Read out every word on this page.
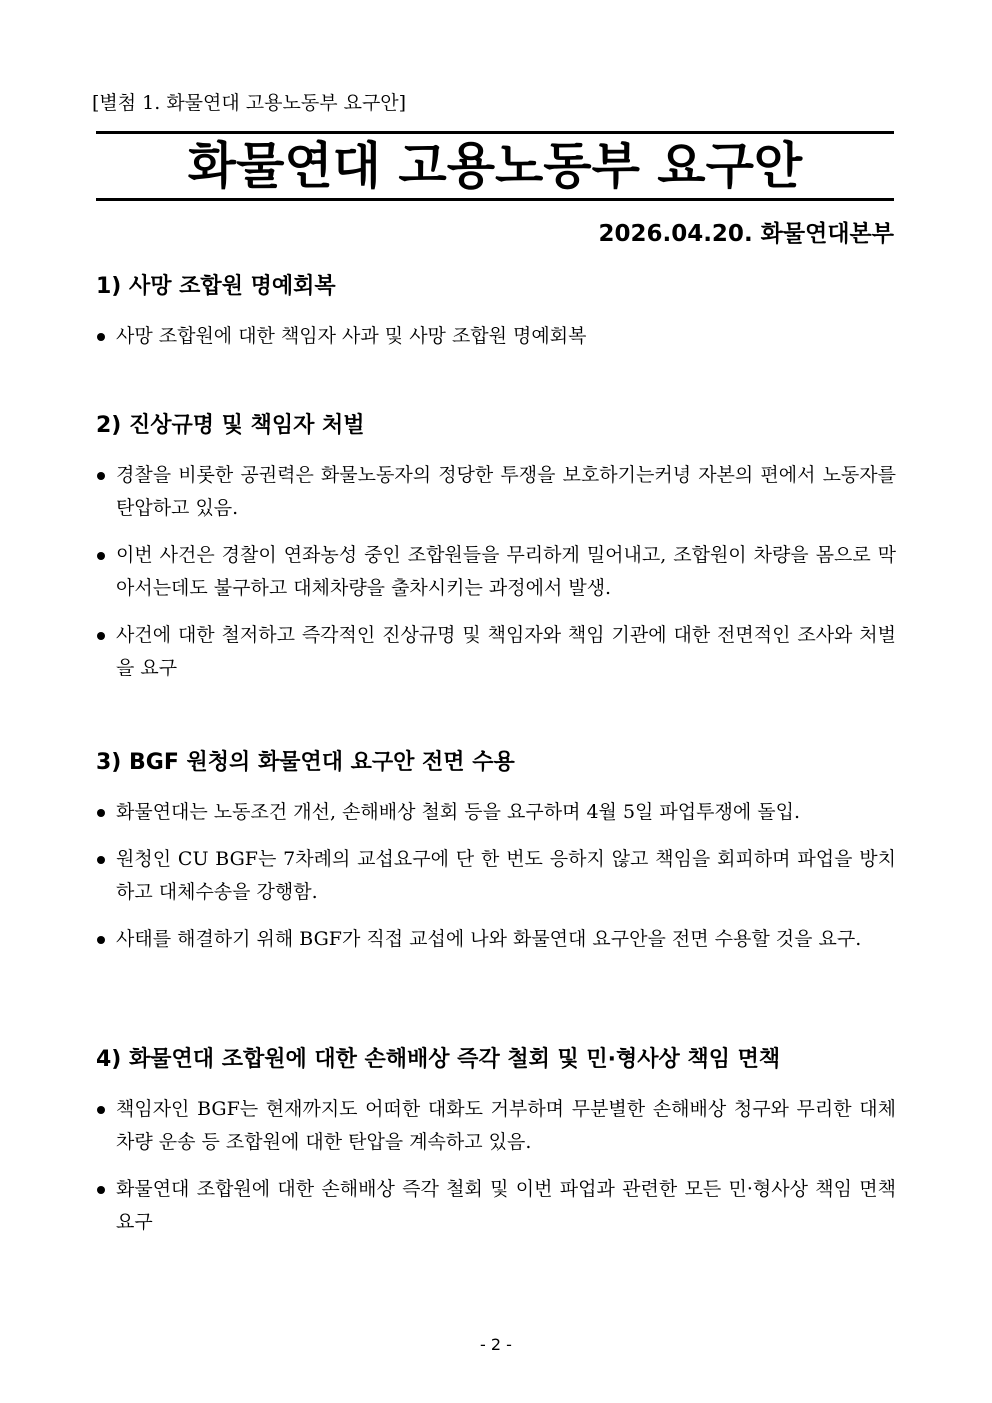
[별첨 1. 화물연대 고용노동부 요구안]
화물연대 고용노동부 요구안
2026.04.20. 화물연대본부
1) 사망 조합원 명예회복
사망 조합원에 대한 책임자 사과 및 사망 조합원 명예회복
2) 진상규명 및 책임자 처벌
경찰을 비롯한 공권력은 화물노동자의 정당한 투쟁을 보호하기는커녕 자본의 편에서 노동자를 탄압하고 있음.
이번 사건은 경찰이 연좌농성 중인 조합원들을 무리하게 밀어내고, 조합원이 차량을 몸으로 막아서는데도 불구하고 대체차량을 출차시키는 과정에서 발생.
사건에 대한 철저하고 즉각적인 진상규명 및 책임자와 책임 기관에 대한 전면적인 조사와 처벌을 요구
3) BGF 원청의 화물연대 요구안 전면 수용
화물연대는 노동조건 개선, 손해배상 철회 등을 요구하며 4월 5일 파업투쟁에 돌입.
원청인 CU BGF는 7차례의 교섭요구에 단 한 번도 응하지 않고 책임을 회피하며 파업을 방치하고 대체수송을 강행함.
사태를 해결하기 위해 BGF가 직접 교섭에 나와 화물연대 요구안을 전면 수용할 것을 요구.
4) 화물연대 조합원에 대한 손해배상 즉각 철회 및 민·형사상 책임 면책
책임자인 BGF는 현재까지도 어떠한 대화도 거부하며 무분별한 손해배상 청구와 무리한 대체차량 운송 등 조합원에 대한 탄압을 계속하고 있음.
화물연대 조합원에 대한 손해배상 즉각 철회 및 이번 파업과 관련한 모든 민·형사상 책임 면책 요구
- 2 -
